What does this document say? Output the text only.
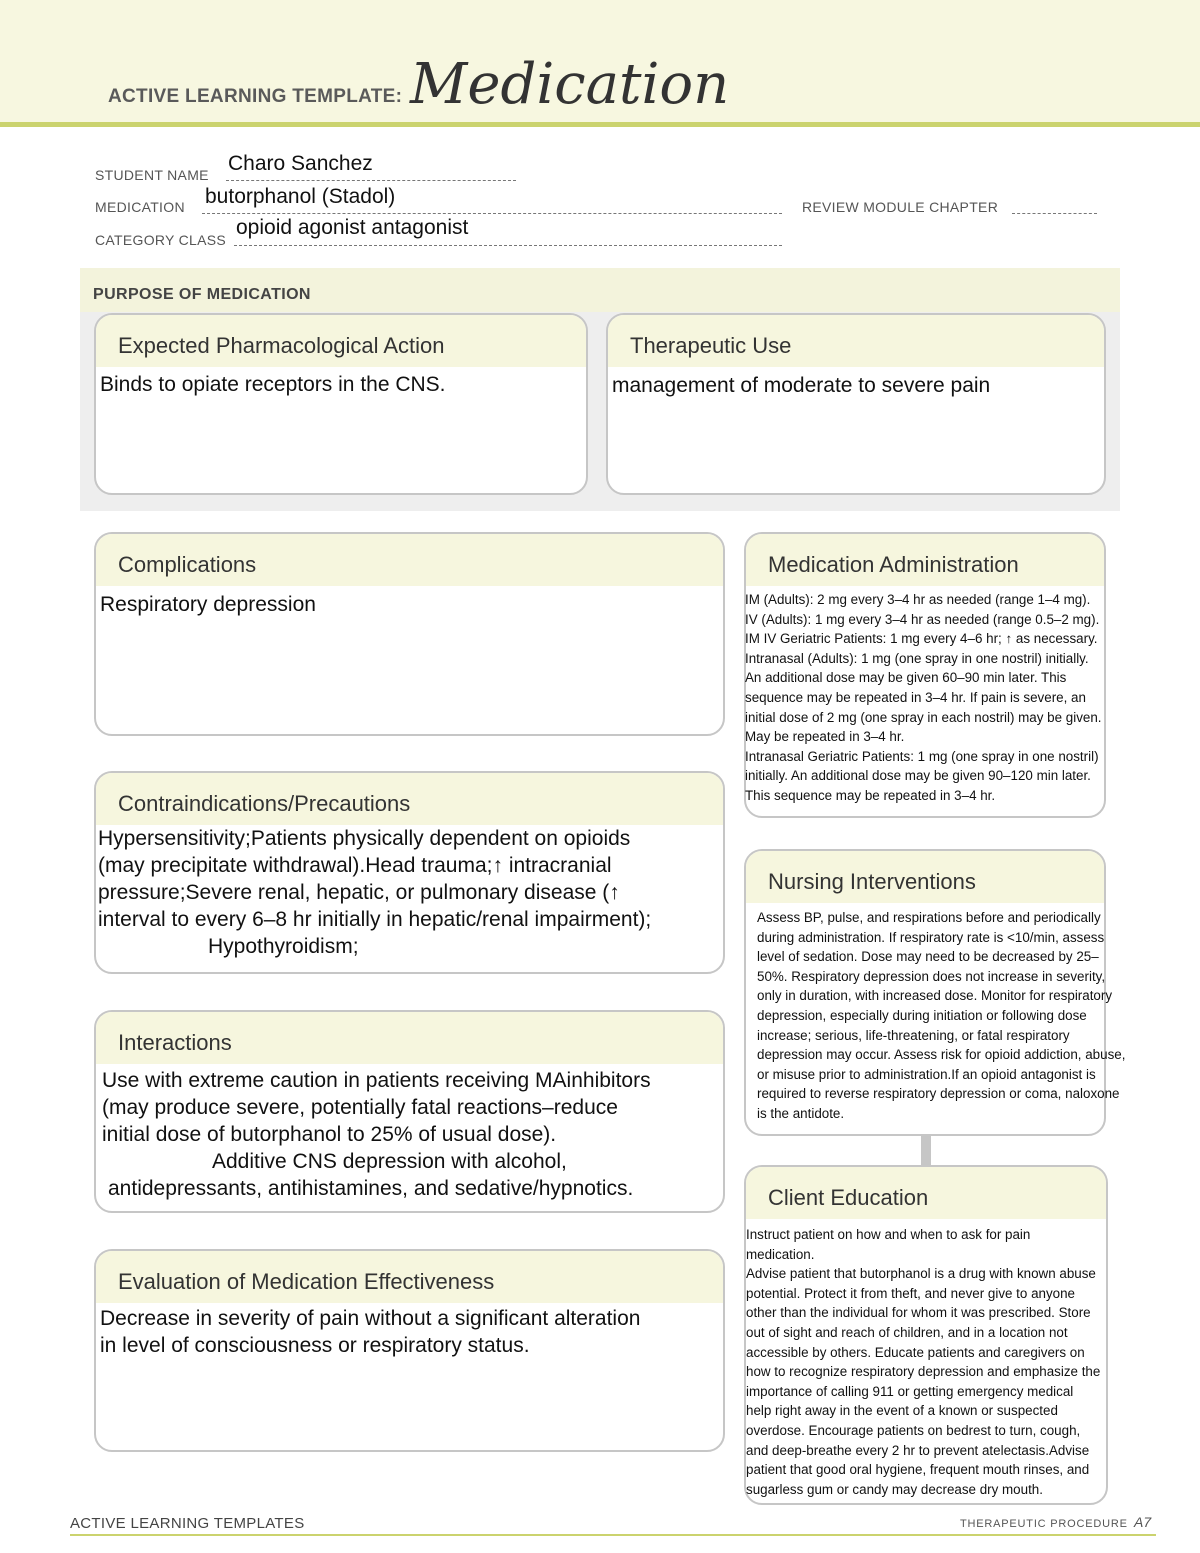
ACTIVE LEARNING TEMPLATE: Medication
STUDENT NAME Charo Sanchez
MEDICATION butorphanol (Stadol)	REVIEW MODULE CHAPTER
CATEGORY CLASS
opioid agonist antagonist
PURPOSE OF MEDICATION
Expected Pharmacological Action
Binds to opiate receptors in the CNS.
Therapeutic Use
management of moderate to severe pain
Complications
Respiratory depression
Medication Administration
IM (Adults): 2 mg every 3–4 hr as needed (range 1–4 mg).
IV (Adults): 1 mg every 3–4 hr as needed (range 0.5–2 mg).
IM IV Geriatric Patients: 1 mg every 4–6 hr; ↑ as necessary.
Intranasal (Adults): 1 mg (one spray in one nostril) initially.
An additional dose may be given 60–90 min later. This
sequence may be repeated in 3–4 hr. If pain is severe, an
initial dose of 2 mg (one spray in each nostril) may be given.
May be repeated in 3–4 hr.
Intranasal Geriatric Patients: 1 mg (one spray in one nostril)
initially. An additional dose may be given 90–120 min later.
This sequence may be repeated in 3–4 hr.
Contraindications/Precautions
Hypersensitivity;Patients physically dependent on opioids
(may precipitate withdrawal).Head trauma;↑ intracranial
pressure;Severe renal, hepatic, or pulmonary disease (↑
interval to every 6–8 hr initially in hepatic/renal impairment);
Hypothyroidism;
Nursing Interventions
Assess BP, pulse, and respirations before and periodically
during administration. If respiratory rate is <10/min, assess
level of sedation. Dose may need to be decreased by 25–
50%. Respiratory depression does not increase in severity,
only in duration, with increased dose. Monitor for respiratory
depression, especially during initiation or following dose
increase; serious, life-threatening, or fatal respiratory
depression may occur. Assess risk for opioid addiction, abuse,
or misuse prior to administration.If an opioid antagonist is
required to reverse respiratory depression or coma, naloxone
is the antidote.
Interactions
Use with extreme caution in patients receiving MAinhibitors
(may produce severe, potentially fatal reactions–reduce
initial dose of butorphanol to 25% of usual dose).
Additive CNS depression with alcohol,
antidepressants, antihistamines, and sedative/hypnotics.	Client Education
Instruct patient on how and when to ask for pain
medication.
Advise patient that butorphanol is a drug with known abuse
potential. Protect it from theft, and never give to anyone
other than the individual for whom it was prescribed. Store
out of sight and reach of children, and in a location not
accessible by others. Educate patients and caregivers on
how to recognize respiratory depression and emphasize the
importance of calling 911 or getting emergency medical
help right away in the event of a known or suspected
overdose. Encourage patients on bedrest to turn, cough,
and deep-breathe every 2 hr to prevent atelectasis.Advise
patient that good oral hygiene, frequent mouth rinses, and
sugarless gum or candy may decrease dry mouth.
Evaluation of Medication Effectiveness
Decrease in severity of pain without a significant alteration
in level of consciousness or respiratory status.
ACTIVE LEARNING TEMPLATES	THERAPEUTIC PROCEDURE A7
